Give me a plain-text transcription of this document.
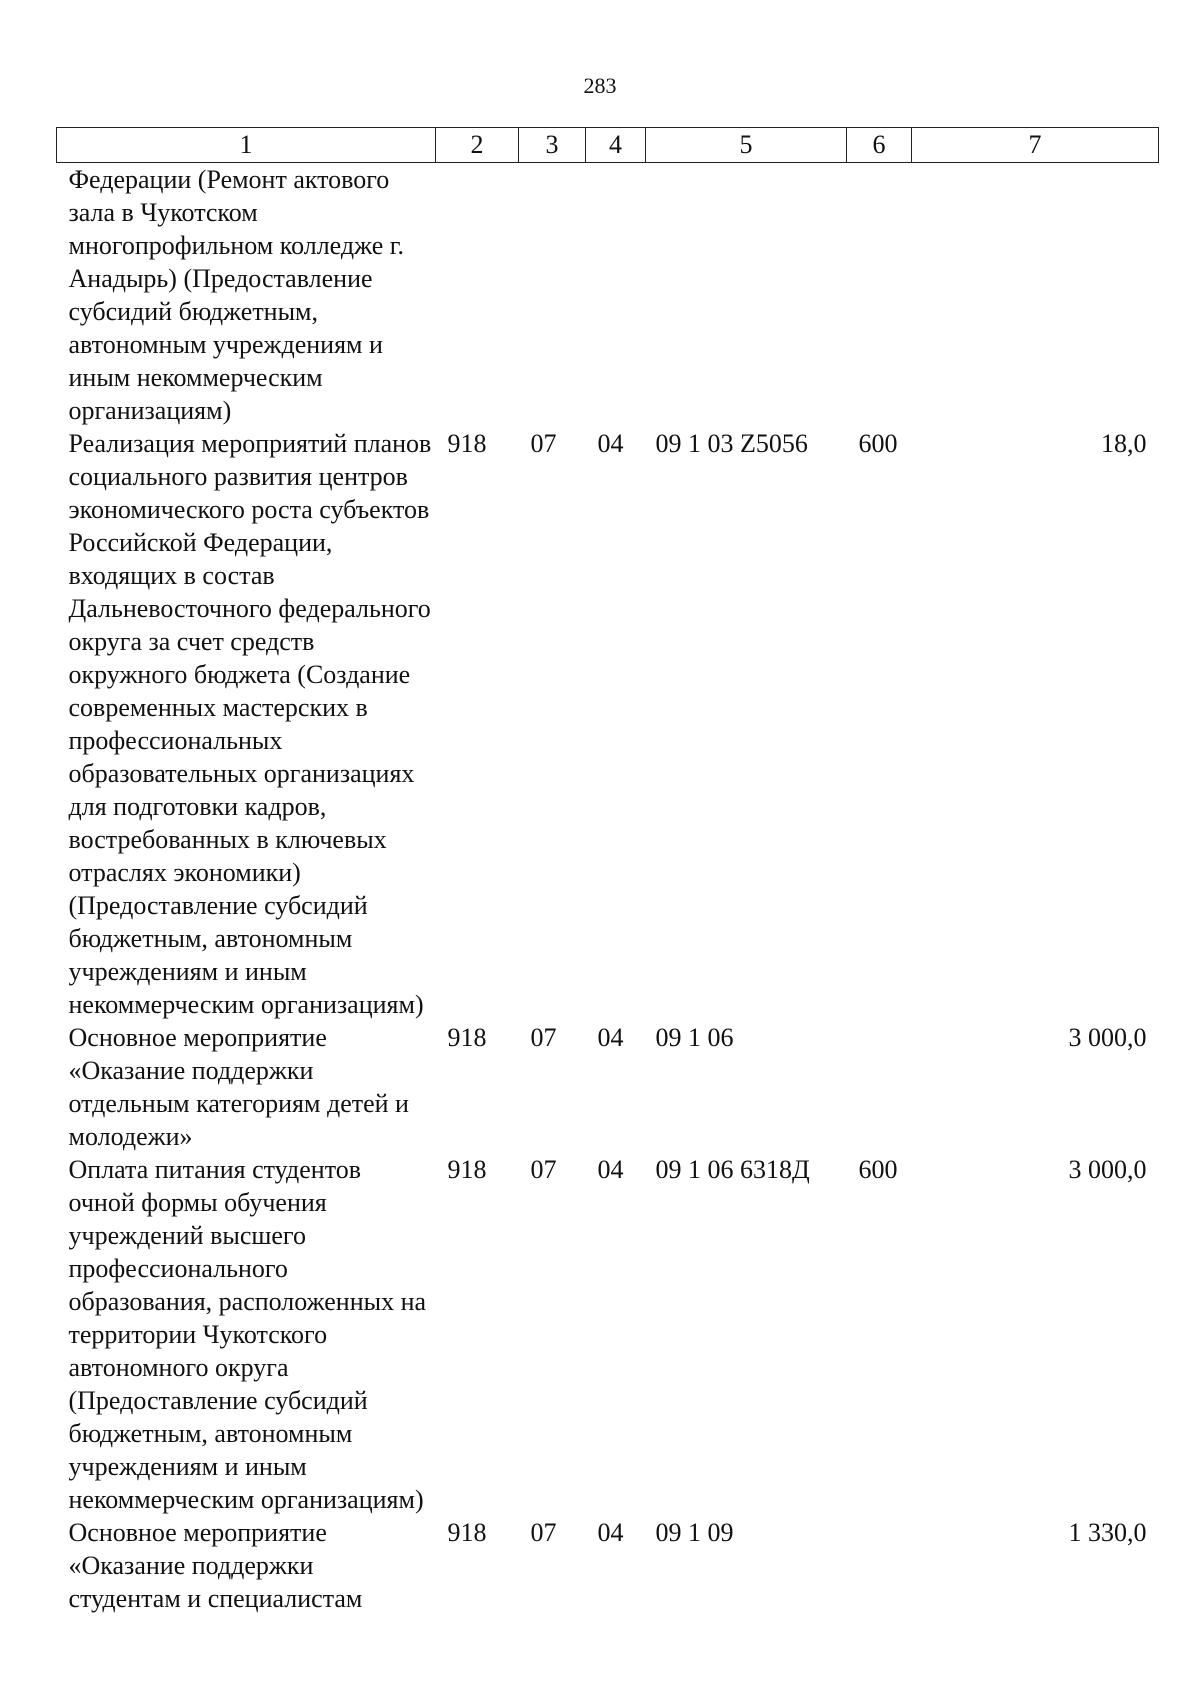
283
1	2	3	4	5	6	7
Федерации (Ремонт актового зала в Чукотском многопрофильном колледже г. Анадырь) (Предоставление субсидий бюджетным, автономным учреждениям и иным некоммерческим организациям)						
Реализация мероприятий планов социального развития центров экономического роста субъектов Российской Федерации, входящих в состав Дальневосточного федерального округа за счет средств окружного бюджета (Создание современных мастерских в профессиональных образовательных организациях для подготовки кадров, востребованных в ключевых отраслях экономики) (Предоставление субсидий бюджетным, автономным учреждениям и иным некоммерческим организациям)	918	07	04	09 1 03 Z5056	600	18,0
Основное мероприятие «Оказание поддержки отдельным категориям детей и молодежи»	918	07	04	09 1 06		3 000,0
Оплата питания студентов очной формы обучения учреждений высшего профессионального образования, расположенных на территории Чукотского автономного округа (Предоставление субсидий бюджетным, автономным учреждениям и иным некоммерческим организациям)	918	07	04	09 1 06 6318Д	600	3 000,0
Основное мероприятие «Оказание поддержки студентам и специалистам	918	07	04	09 1 09		1 330,0
